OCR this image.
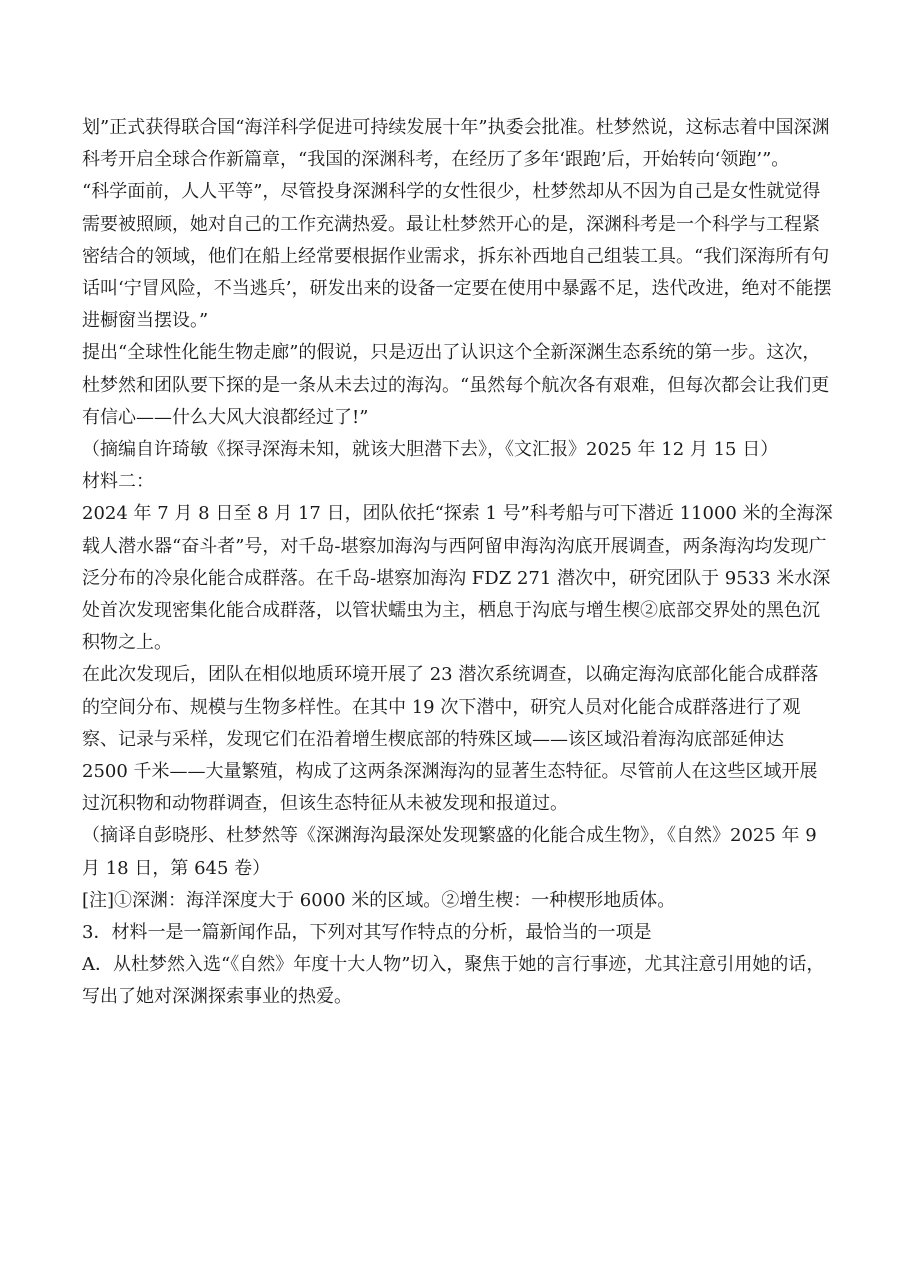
划”正式获得联合国“海洋科学促进可持续发展十年”执委会批准。杜梦然说，这标志着中国深渊科考开启全球合作新篇章，“我国的深渊科考，在经历了多年‘跟跑’后，开始转向‘领跑’”。

“科学面前，人人平等”，尽管投身深渊科学的女性很少，杜梦然却从不因为自己是女性就觉得需要被照顾，她对自己的工作充满热爱。最让杜梦然开心的是，深渊科考是一个科学与工程紧密结合的领域，他们在船上经常要根据作业需求，拆东补西地自己组装工具。“我们深海所有句话叫‘宁冒风险，不当逃兵’，研发出来的设备一定要在使用中暴露不足，迭代改进，绝对不能摆进橱窗当摆设。”

提出“全球性化能生物走廊”的假说，只是迈出了认识这个全新深渊生态系统的第一步。这次，杜梦然和团队要下探的是一条从未去过的海沟。“虽然每个航次各有艰难，但每次都会让我们更有信心——什么大风大浪都经过了!”

（摘编自许琦敏《探寻深海未知，就该大胆潜下去》，《文汇报》2025 年 12 月 15 日）

材料二：

2024 年 7 月 8 日至 8 月 17 日，团队依托“探索 1 号”科考船与可下潜近 11000 米的全海深载人潜水器“奋斗者”号，对千岛-堪察加海沟与西阿留申海沟沟底开展调查，两条海沟均发现广泛分布的冷泉化能合成群落。在千岛-堪察加海沟 FDZ 271 潜次中，研究团队于 9533 米水深处首次发现密集化能合成群落，以管状蠕虫为主，栖息于沟底与增生楔②底部交界处的黑色沉积物之上。

在此次发现后，团队在相似地质环境开展了 23 潜次系统调查，以确定海沟底部化能合成群落的空间分布、规模与生物多样性。在其中 19 次下潜中，研究人员对化能合成群落进行了观察、记录与采样，发现它们在沿着增生楔底部的特殊区域——该区域沿着海沟底部延伸达 2500 千米——大量繁殖，构成了这两条深渊海沟的显著生态特征。尽管前人在这些区域开展过沉积物和动物群调查，但该生态特征从未被发现和报道过。

（摘译自彭晓彤、杜梦然等《深渊海沟最深处发现繁盛的化能合成生物》，《自然》2025 年 9 月 18 日，第 645 卷）

[注]①深渊：海洋深度大于 6000 米的区域。②增生楔：一种楔形地质体。

3．材料一是一篇新闻作品，下列对其写作特点的分析，最恰当的一项是

A．从杜梦然入选“《自然》年度十大人物”切入，聚焦于她的言行事迹，尤其注意引用她的话，写出了她对深渊探索事业的热爱。
